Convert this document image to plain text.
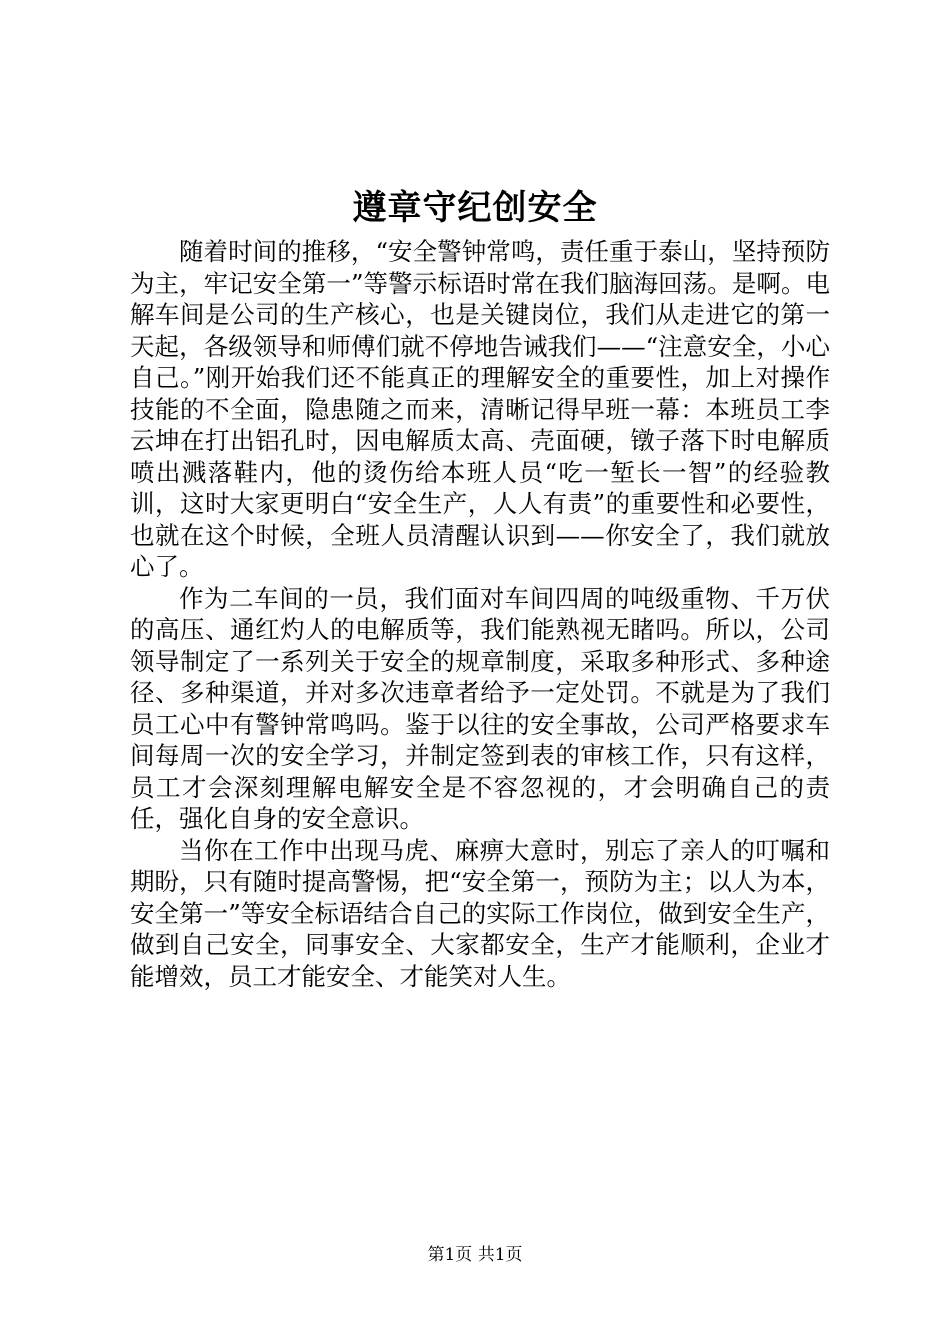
遵章守纪创安全

随着时间的推移，“安全警钟常鸣，责任重于泰山，坚持预防为主，牢记安全第一”等警示标语时常在我们脑海回荡。是啊。电解车间是公司的生产核心，也是关键岗位，我们从走进它的第一天起，各级领导和师傅们就不停地告诫我们——“注意安全，小心自己。”刚开始我们还不能真正的理解安全的重要性，加上对操作技能的不全面，隐患随之而来，清晰记得早班一幕：本班员工李云坤在打出铝孔时，因电解质太高、壳面硬，镦子落下时电解质喷出溅落鞋内，他的烫伤给本班人员“吃一堑长一智”的经验教训，这时大家更明白“安全生产，人人有责”的重要性和必要性，也就在这个时候，全班人员清醒认识到——你安全了，我们就放心了。

作为二车间的一员，我们面对车间四周的吨级重物、千万伏的高压、通红灼人的电解质等，我们能熟视无睹吗。所以，公司领导制定了一系列关于安全的规章制度，采取多种形式、多种途径、多种渠道，并对多次违章者给予一定处罚。不就是为了我们员工心中有警钟常鸣吗。鉴于以往的安全事故，公司严格要求车间每周一次的安全学习，并制定签到表的审核工作，只有这样，员工才会深刻理解电解安全是不容忽视的，才会明确自己的责任，强化自身的安全意识。

当你在工作中出现马虎、麻痹大意时，别忘了亲人的叮嘱和期盼，只有随时提高警惕，把“安全第一，预防为主；以人为本，安全第一”等安全标语结合自己的实际工作岗位，做到安全生产，做到自己安全，同事安全、大家都安全，生产才能顺利，企业才能增效，员工才能安全、才能笑对人生。

第1页 共1页
